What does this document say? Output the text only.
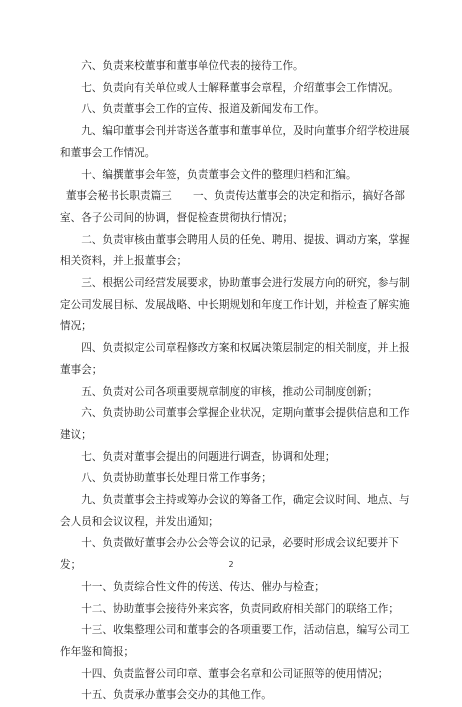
六、负责来校董事和董事单位代表的接待工作。

七、负责向有关单位或人士解释董事会章程，介绍董事会工作情况。

八、负责董事会工作的宣传、报道及新闻发布工作。

九、编印董事会刊并寄送各董事和董事单位，及时向董事介绍学校进展和董事会工作情况。

十、编撰董事会年签，负责董事会文件的整理归档和汇编。

董事会秘书长职责篇三　　一、负责传达董事会的决定和指示，搞好各部室、各子公司间的协调，督促检查贯彻执行情况；

二、负责审核由董事会聘用人员的任免、聘用、提拔、调动方案，掌握相关资料，并上报董事会；

三、根据公司经营发展要求，协助董事会进行发展方向的研究，参与制定公司发展目标、发展战略、中长期规划和年度工作计划，并检查了解实施情况；

四、负责拟定公司章程修改方案和权属决策层制定的相关制度，并上报董事会；

五、负责对公司各项重要规章制度的审核，推动公司制度创新；

六、负责协助公司董事会掌握企业状况，定期向董事会提供信息和工作建议；

七、负责对董事会提出的问题进行调查，协调和处理；

八、负责协助董事长处理日常工作事务；

九、负责董事会主持或筹办会议的筹备工作，确定会议时间、地点、与会人员和会议议程，并发出通知；

十、负责做好董事会办公会等会议的记录，必要时形成会议纪要并下发；

十一、负责综合性文件的传送、传达、催办与检查；

十二、协助董事会接待外来宾客，负责同政府相关部门的联络工作；

十三、收集整理公司和董事会的各项重要工作，活动信息，编写公司工作年鉴和简报；

十四、负责监督公司印章、董事会名章和公司证照等的使用情况；

十五、负责承办董事会交办的其他工作。

2
